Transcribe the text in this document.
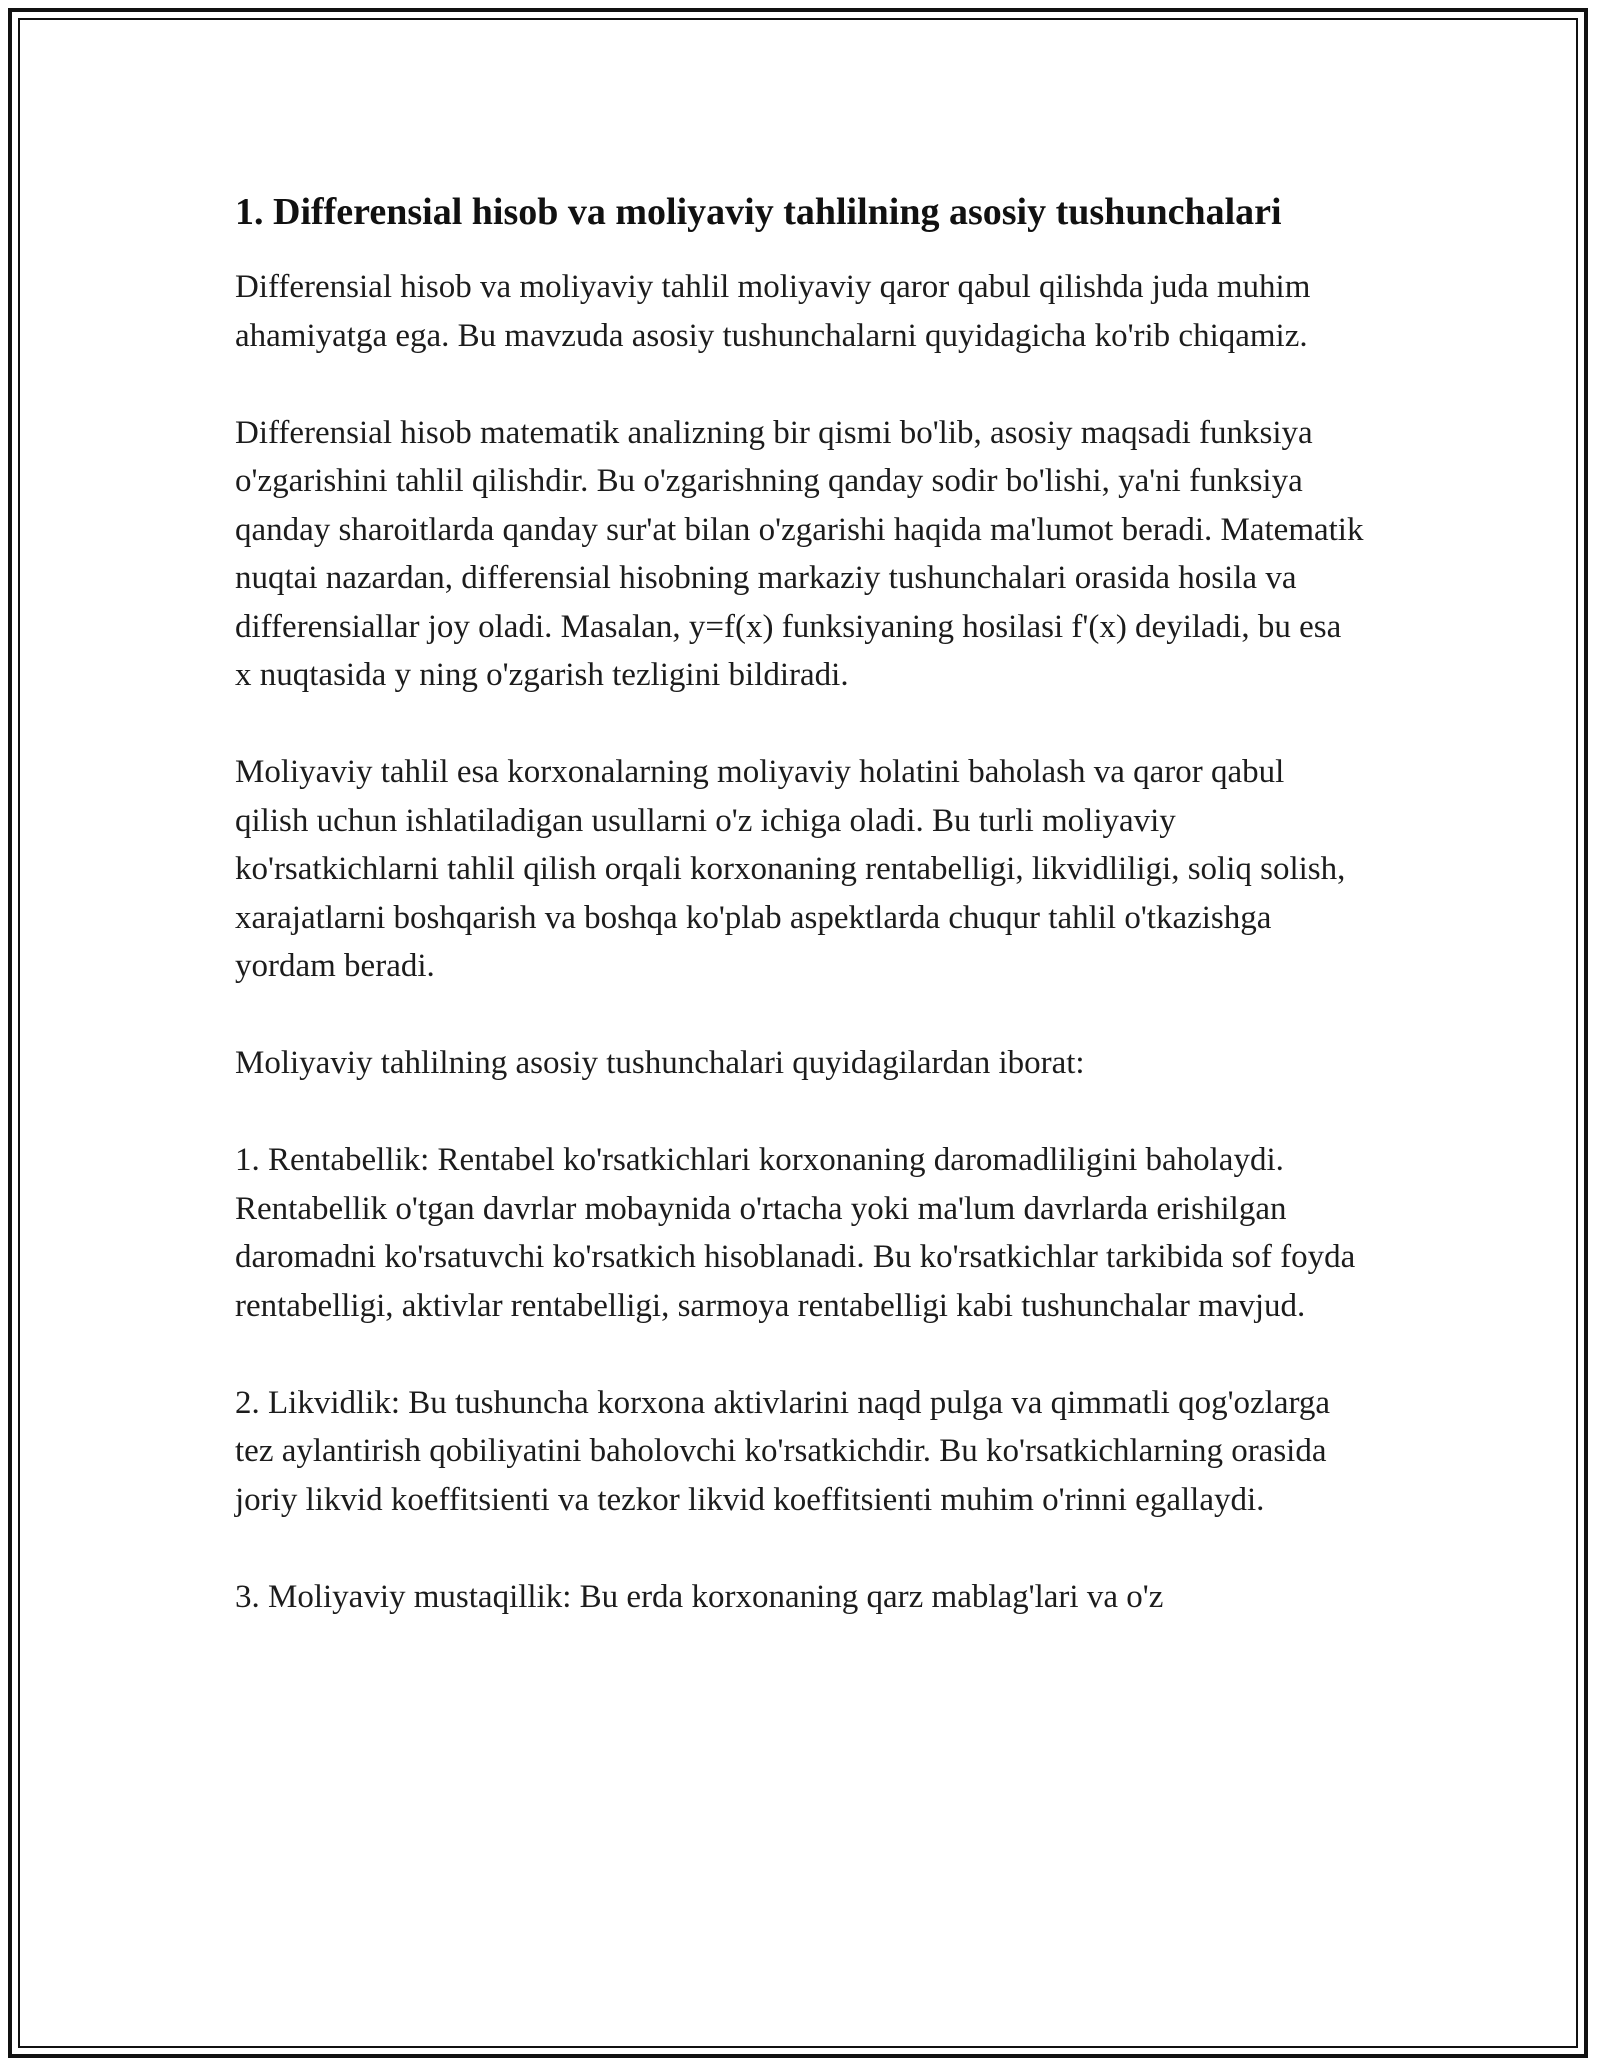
1. Differensial hisob va moliyaviy tahlilning asosiy tushunchalari

Differensial hisob va moliyaviy tahlil moliyaviy qaror qabul qilishda juda muhim ahamiyatga ega. Bu mavzuda asosiy tushunchalarni quyidagicha ko'rib chiqamiz.

Differensial hisob matematik analizning bir qismi bo'lib, asosiy maqsadi funksiya o'zgarishini tahlil qilishdir. Bu o'zgarishning qanday sodir bo'lishi, ya'ni funksiya qanday sharoitlarda qanday sur'at bilan o'zgarishi haqida ma'lumot beradi. Matematik nuqtai nazardan, differensial hisobning markaziy tushunchalari orasida hosila va differensiallar joy oladi. Masalan, y=f(x) funksiyaning hosilasi f'(x) deyiladi, bu esa x nuqtasida y ning o'zgarish tezligini bildiradi.

Moliyaviy tahlil esa korxonalarning moliyaviy holatini baholash va qaror qabul qilish uchun ishlatiladigan usullarni o'z ichiga oladi. Bu turli moliyaviy ko'rsatkichlarni tahlil qilish orqali korxonaning rentabelligi, likvidliligi, soliq solish, xarajatlarni boshqarish va boshqa ko'plab aspektlarda chuqur tahlil o'tkazishga yordam beradi.

Moliyaviy tahlilning asosiy tushunchalari quyidagilardan iborat:

1. Rentabellik: Rentabel ko'rsatkichlari korxonaning daromadliligini baholaydi. Rentabellik o'tgan davrlar mobaynida o'rtacha yoki ma'lum davrlarda erishilgan daromadni ko'rsatuvchi ko'rsatkich hisoblanadi. Bu ko'rsatkichlar tarkibida sof foyda rentabelligi, aktivlar rentabelligi, sarmoya rentabelligi kabi tushunchalar mavjud.

2. Likvidlik: Bu tushuncha korxona aktivlarini naqd pulga va qimmatli qog'ozlarga tez aylantirish qobiliyatini baholovchi ko'rsatkichdir. Bu ko'rsatkichlarning orasida joriy likvid koeffitsienti va tezkor likvid koeffitsienti muhim o'rinni egallaydi.

3. Moliyaviy mustaqillik: Bu erda korxonaning qarz mablag'lari va o'z
